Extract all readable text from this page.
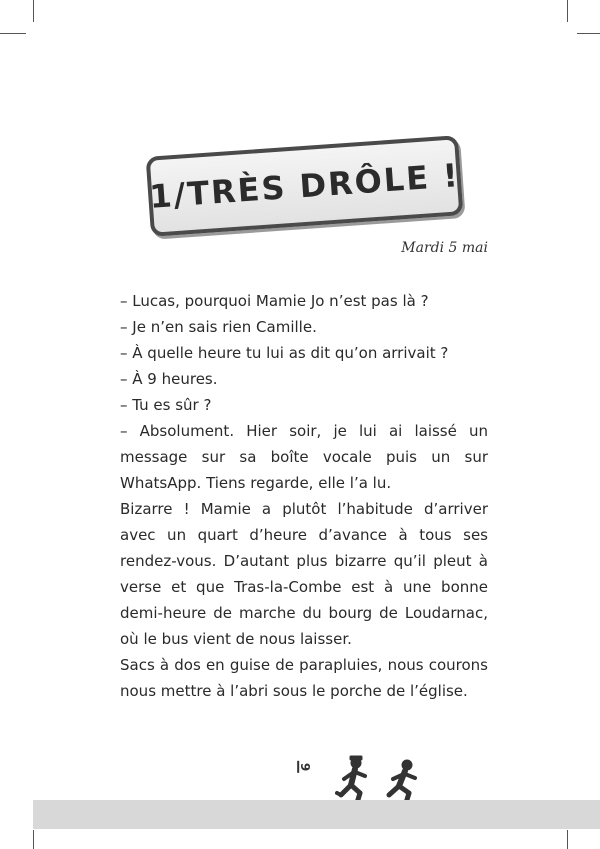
1/TRÈS DRÔLE !
Mardi 5 mai

– Lucas, pourquoi Mamie Jo n’est pas là ?

– Je n’en sais rien Camille.

– À quelle heure tu lui as dit qu’on arrivait ?

– À 9 heures.

– Tu es sûr ?

– Absolument. Hier soir, je lui ai laissé un message sur sa boîte vocale puis un sur WhatsApp. Tiens regarde, elle l’a lu.

Bizarre ! Mamie a plutôt l’habitude d’arriver avec un quart d’heure d’avance à tous ses rendez-vous. D’autant plus bizarre qu’il pleut à verse et que Tras-la-Combe est à une bonne demi-heure de marche du bourg de Loudarnac, où le bus vient de nous laisser.

Sacs à dos en guise de parapluies, nous courons nous mettre à l’abri sous le porche de l’église.

9
